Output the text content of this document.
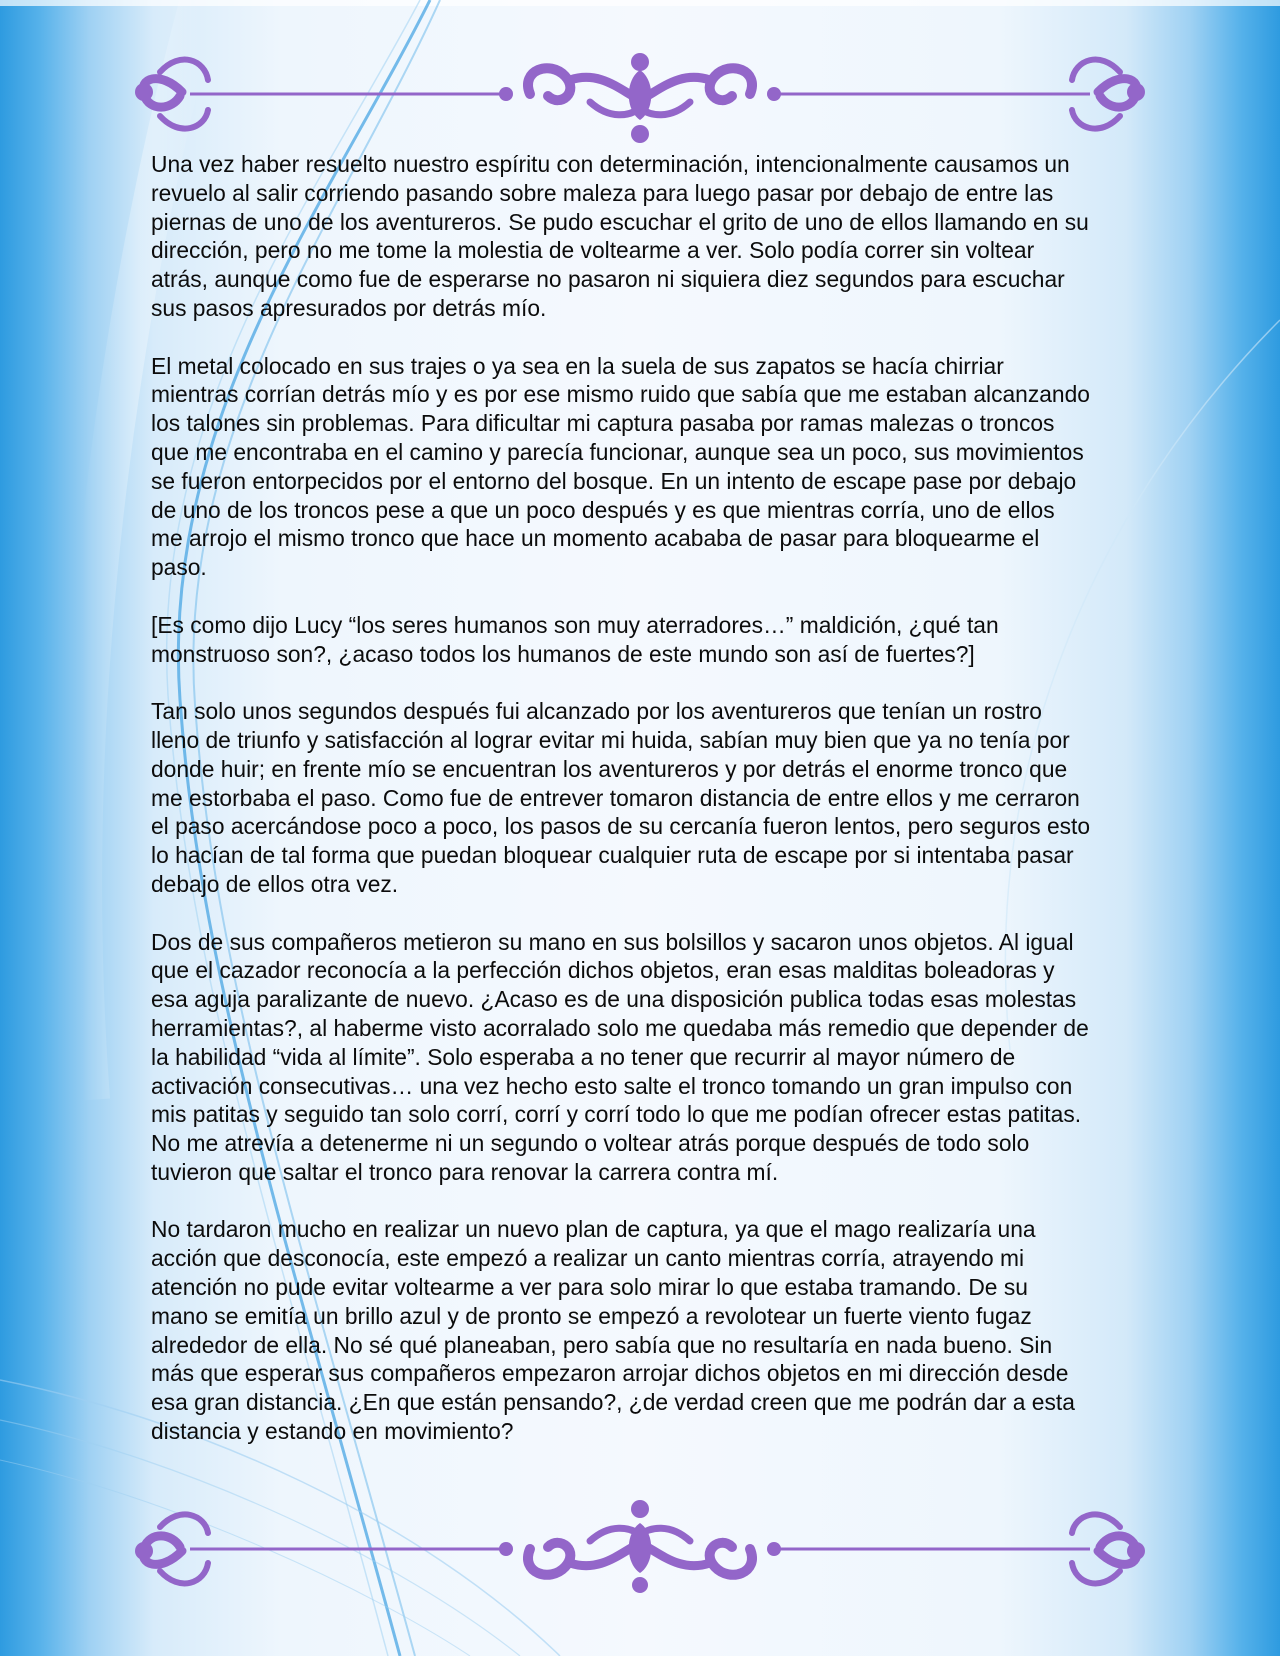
Una vez haber resuelto nuestro espíritu con determinación, intencionalmente causamos un revuelo al salir corriendo pasando sobre maleza para luego pasar por debajo de entre las piernas de uno de los aventureros. Se pudo escuchar el grito de uno de ellos llamando en su dirección, pero no me tome la molestia de voltearme a ver. Solo podía correr sin voltear atrás, aunque como fue de esperarse no pasaron ni siquiera diez segundos para escuchar sus pasos apresurados por detrás mío.

El metal colocado en sus trajes o ya sea en la suela de sus zapatos se hacía chirriar mientras corrían detrás mío y es por ese mismo ruido que sabía que me estaban alcanzando los talones sin problemas. Para dificultar mi captura pasaba por ramas malezas o troncos que me encontraba en el camino y parecía funcionar, aunque sea un poco, sus movimientos se fueron entorpecidos por el entorno del bosque. En un intento de escape pase por debajo de uno de los troncos pese a que un poco después y es que mientras corría, uno de ellos me arrojo el mismo tronco que hace un momento acababa de pasar para bloquearme el paso.

[Es como dijo Lucy “los seres humanos son muy aterradores…” maldición, ¿qué tan monstruoso son?, ¿acaso todos los humanos de este mundo son así de fuertes?]

Tan solo unos segundos después fui alcanzado por los aventureros que tenían un rostro lleno de triunfo y satisfacción al lograr evitar mi huida, sabían muy bien que ya no tenía por donde huir; en frente mío se encuentran los aventureros y por detrás el enorme tronco que me estorbaba el paso. Como fue de entrever tomaron distancia de entre ellos y me cerraron el paso acercándose poco a poco, los pasos de su cercanía fueron lentos, pero seguros esto lo hacían de tal forma que puedan bloquear cualquier ruta de escape por si intentaba pasar debajo de ellos otra vez.

Dos de sus compañeros metieron su mano en sus bolsillos y sacaron unos objetos. Al igual que el cazador reconocía a la perfección dichos objetos, eran esas malditas boleadoras y esa aguja paralizante de nuevo. ¿Acaso es de una disposición publica todas esas molestas herramientas?, al haberme visto acorralado solo me quedaba más remedio que depender de la habilidad “vida al límite”. Solo esperaba a no tener que recurrir al mayor número de activación consecutivas… una vez hecho esto salte el tronco tomando un gran impulso con mis patitas y seguido tan solo corrí, corrí y corrí todo lo que me podían ofrecer estas patitas. No me atrevía a detenerme ni un segundo o voltear atrás porque después de todo solo tuvieron que saltar el tronco para renovar la carrera contra mí.

No tardaron mucho en realizar un nuevo plan de captura, ya que el mago realizaría una acción que desconocía, este empezó a realizar un canto mientras corría, atrayendo mi atención no pude evitar voltearme a ver para solo mirar lo que estaba tramando. De su mano se emitía un brillo azul y de pronto se empezó a revolotear un fuerte viento fugaz alrededor de ella. No sé qué planeaban, pero sabía que no resultaría en nada bueno. Sin más que esperar sus compañeros empezaron arrojar dichos objetos en mi dirección desde esa gran distancia. ¿En que están pensando?, ¿de verdad creen que me podrán dar a esta distancia y estando en movimiento?
